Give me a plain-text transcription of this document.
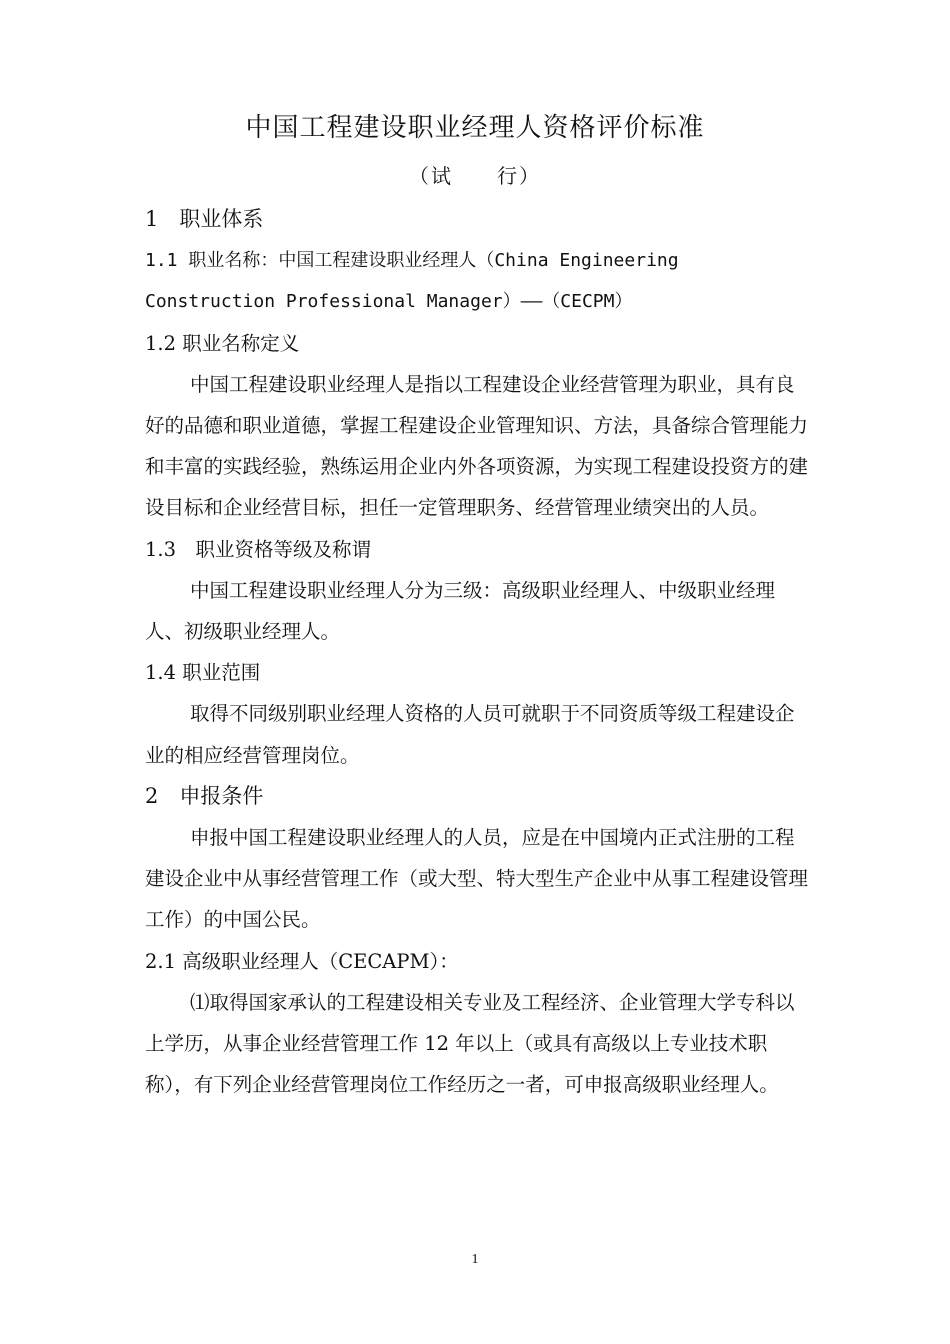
中国工程建设职业经理人资格评价标准
（试　　行）

1　职业体系

1.1 职业名称：中国工程建设职业经理人（China Engineering

Construction Professional Manager）——（CECPM）

1.2 职业名称定义

中国工程建设职业经理人是指以工程建设企业经营管理为职业，具有良好的品德和职业道德，掌握工程建设企业管理知识、方法，具备综合管理能力和丰富的实践经验，熟练运用企业内外各项资源，为实现工程建设投资方的建设目标和企业经营目标，担任一定管理职务、经营管理业绩突出的人员。

1.3　职业资格等级及称谓

中国工程建设职业经理人分为三级：高级职业经理人、中级职业经理人、初级职业经理人。

1.4 职业范围

取得不同级别职业经理人资格的人员可就职于不同资质等级工程建设企业的相应经营管理岗位。

2　申报条件

申报中国工程建设职业经理人的人员，应是在中国境内正式注册的工程建设企业中从事经营管理工作（或大型、特大型生产企业中从事工程建设管理工作）的中国公民。

2.1 高级职业经理人（CECAPM）：

⑴取得国家承认的工程建设相关专业及工程经济、企业管理大学专科以上学历，从事企业经营管理工作 12 年以上（或具有高级以上专业技术职称），有下列企业经营管理岗位工作经历之一者，可申报高级职业经理人。

1
